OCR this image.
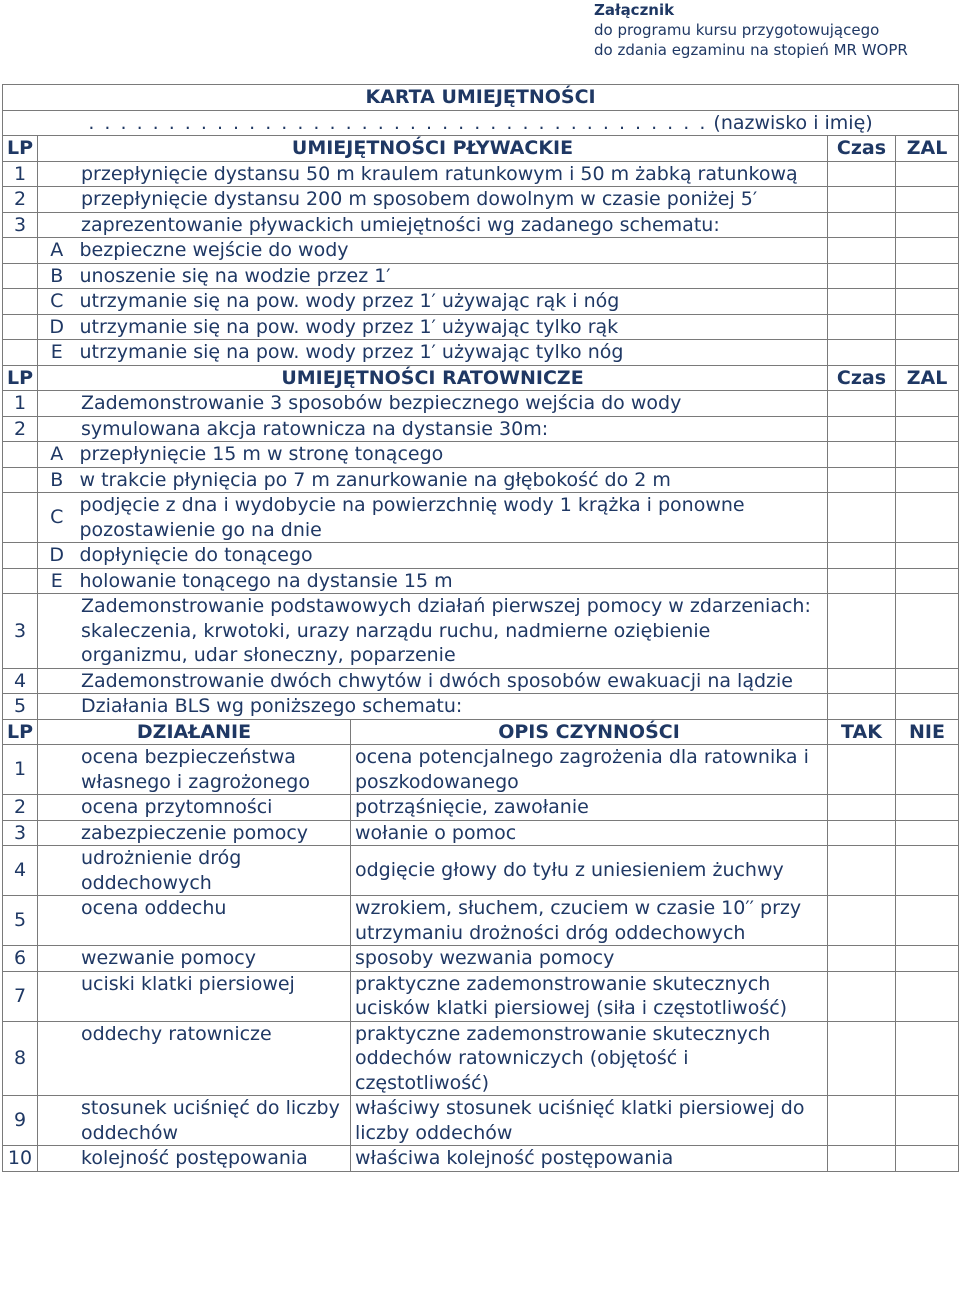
Załącznik
do programu kursu przygotowującego
do zdania egzaminu na stopień MR WOPR
KARTA UMIEJĘTNOŚCI					
. . . . . . . . . . . . . . . . . . . . . . . . . . . . . . . . . . . . . . . (nazwisko i imię)					
LP	UMIEJĘTNOŚCI PŁYWACKIE			Czas	ZAL
1	przepłynięcie dystansu 50 m kraulem ratunkowym i 50 m żabką ratunkową				
2	przepłynięcie dystansu 200 m sposobem dowolnym w czasie poniżej 5′				
3	zaprezentowanie pływackich umiejętności wg zadanego schematu:				
	A	bezpieczne wejście do wody			
	B	unoszenie się na wodzie przez 1′			
	C	utrzymanie się na pow. wody przez 1′ używając rąk i nóg			
	D	utrzymanie się na pow. wody przez 1′ używając tylko rąk			
	E	utrzymanie się na pow. wody przez 1′ używając tylko nóg			
LP	UMIEJĘTNOŚCI RATOWNICZE			Czas	ZAL
1	Zademonstrowanie 3 sposobów bezpiecznego wejścia do wody				
2	symulowana akcja ratownicza na dystansie 30m:				
	A	przepłynięcie 15 m w stronę tonącego			
	B	w trakcie płynięcia po 7 m zanurkowanie na głębokość do 2 m			
	C	podjęcie z dna i wydobycie na powierzchnię wody 1 krążka i ponowne pozostawienie go na dnie			
	D	dopłynięcie do tonącego			
	E	holowanie tonącego na dystansie 15 m			
3	Zademonstrowanie podstawowych działań pierwszej pomocy w zdarzeniach: skaleczenia, krwotoki, urazy narządu ruchu, nadmierne oziębienie organizmu, udar słoneczny, poparzenie				
4	Zademonstrowanie dwóch chwytów i dwóch sposobów ewakuacji na lądzie				
5	Działania BLS wg poniższego schematu:				
LP	DZIAŁANIE		OPIS CZYNNOŚCI	TAK	NIE
1	ocena bezpieczeństwa własnego i zagrożonego		ocena potencjalnego zagrożenia dla ratownika i poszkodowanego		
2	ocena przytomności		potrząśnięcie, zawołanie		
3	zabezpieczenie pomocy		wołanie o pomoc		
4	udrożnienie dróg oddechowych		odgięcie głowy do tyłu z uniesieniem żuchwy		
5	ocena oddechu		wzrokiem, słuchem, czuciem w czasie 10′′ przy utrzymaniu drożności dróg oddechowych		
6	wezwanie pomocy		sposoby wezwania pomocy		
7	uciski klatki piersiowej		praktyczne zademonstrowanie skutecznych ucisków klatki piersiowej (siła i częstotliwość)		
8	oddechy ratownicze		praktyczne zademonstrowanie skutecznych oddechów ratowniczych (objętość i częstotliwość)		
9	stosunek uciśnięć do liczby oddechów		właściwy stosunek uciśnięć klatki piersiowej do liczby oddechów		
10	kolejność postępowania		właściwa kolejność postępowania		
